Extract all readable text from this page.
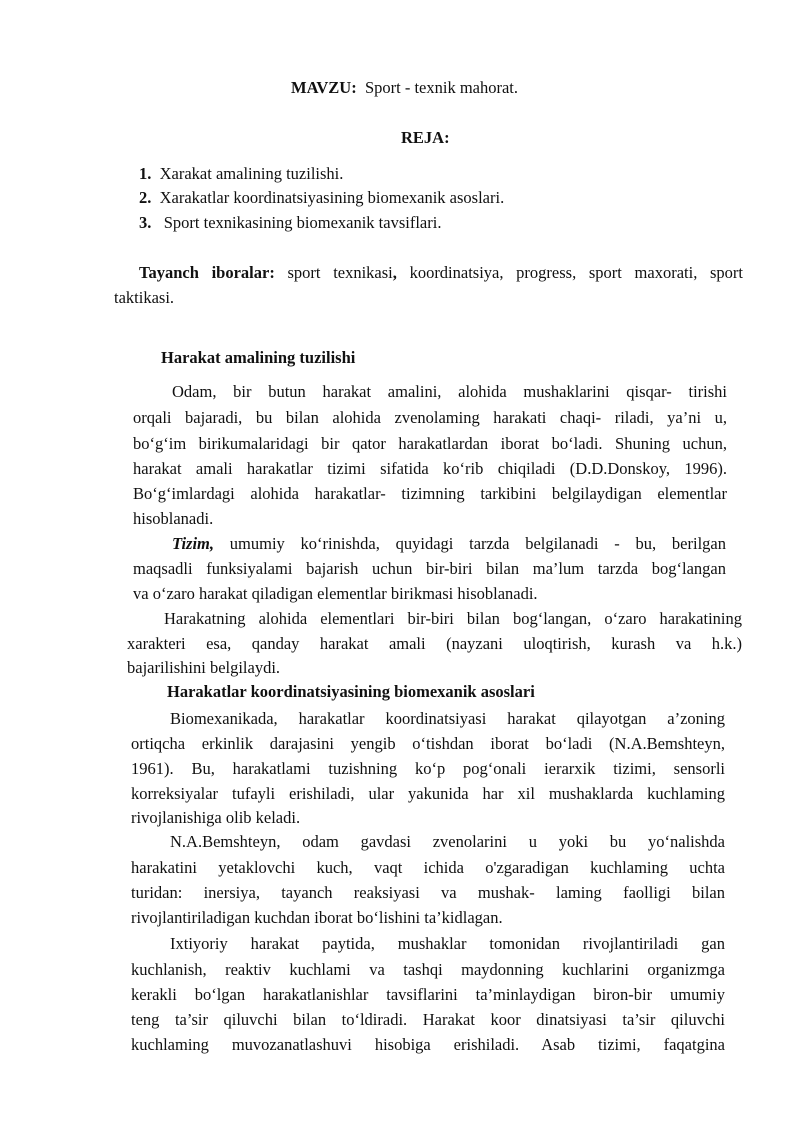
MAVZU: Sport - texnik mahorat.
REJA:
1. Xarakat amalining tuzilishi.
2. Xarakatlar koordinatsiyasining biomexanik asoslari.
3. Sport texnikasining biomexanik tavsiflari.
Tayanch iboralar: sport texnikasi, koordinatsiya, progress, sport maxorati, sport
taktikasi.
Harakat amalining tuzilishi
Odam, bir butun harakat amalini, alohida mushaklarini qisqar- tirishi
orqali bajaradi, bu bilan alohida zvenolaming harakati chaqi- riladi, ya’ni u,
bo‘g‘im birikumalaridagi bir qator harakatlardan iborat bo‘ladi. Shuning uchun,
harakat amali harakatlar tizimi sifatida ko‘rib chiqiladi (D.D.Donskoy, 1996).
Bo‘g‘imlardagi alohida harakatlar- tizimning tarkibini belgilaydigan elementlar
hisoblanadi.
Tizim, umumiy ko‘rinishda, quyidagi tarzda belgilanadi - bu, berilgan
maqsadli funksiyalami bajarish uchun bir-biri bilan ma’lum tarzda bog‘langan
va o‘zaro harakat qiladigan elementlar birikmasi hisoblanadi.
Harakatning alohida elementlari bir-biri bilan bog‘langan, o‘zaro harakatining
xarakteri esa, qanday harakat amali (nayzani uloqtirish, kurash va h.k.)
bajarilishini belgilaydi.
Harakatlar koordinatsiyasining biomexanik asoslari
Biomexanikada, harakatlar koordinatsiyasi harakat qilayotgan a’zoning
ortiqcha erkinlik darajasini yengib o‘tishdan iborat bo‘ladi (N.A.Bemshteyn,
1961). Bu, harakatlami tuzishning ko‘p pog‘onali ierarxik tizimi, sensorli
korreksiyalar tufayli erishiladi, ular yakunida har xil mushaklarda kuchlaming
rivojlanishiga olib keladi.
N.A.Bemshteyn, odam gavdasi zvenolarini u yoki bu yo‘nalishda
harakatini yetaklovchi kuch, vaqt ichida o'zgaradigan kuchlaming uchta
turidan: inersiya, tayanch reaksiyasi va mushak- laming faolligi bilan
rivojlantiriladigan kuchdan iborat bo‘lishini ta’kidlagan.
Ixtiyoriy harakat paytida, mushaklar tomonidan rivojlantiriladi gan
kuchlanish, reaktiv kuchlami va tashqi maydonning kuchlarini organizmga
kerakli bo‘lgan harakatlanishlar tavsiflarini ta’minlaydigan biron-bir umumiy
teng ta’sir qiluvchi bilan to‘ldiradi. Harakat koor dinatsiyasi ta’sir qiluvchi
kuchlaming muvozanatlashuvi hisobiga erishiladi. Asab tizimi, faqatgina
